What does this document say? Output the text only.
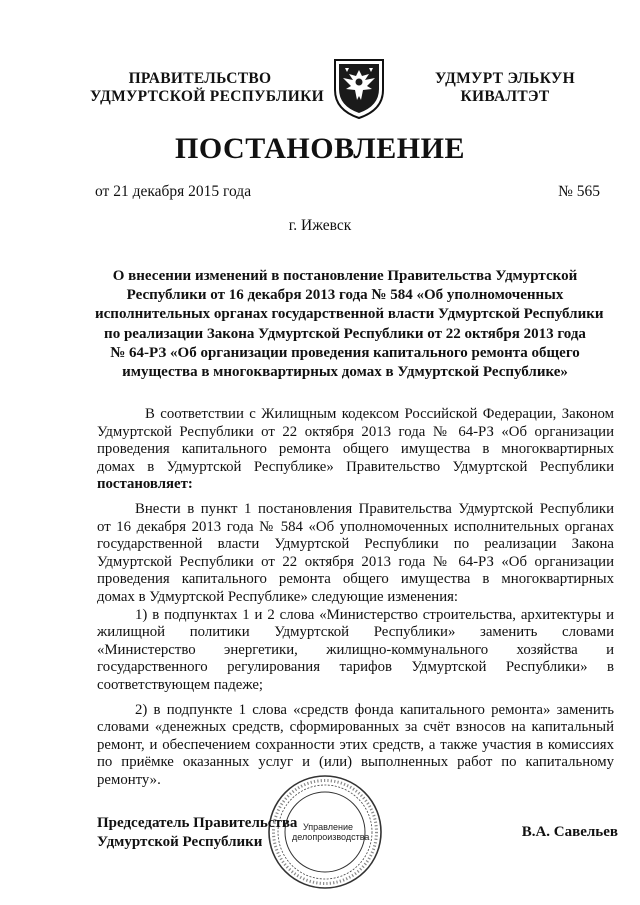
ПРАВИТЕЛЬСТВО
УДМУРТСКОЙ РЕСПУБЛИКИ
УДМУРТ ЭЛЬКУН
КИВАЛТЭТ
ПОСТАНОВЛЕНИЕ
от 21 декабря 2015 года	№ 565
г. Ижевск
О внесении изменений в постановление Правительства Удмуртской
Республики от 16 декабря 2013 года № 584 «Об уполномоченных
исполнительных органах государственной власти Удмуртской Республики
по реализации Закона Удмуртской Республики от 22 октября 2013 года
№ 64-РЗ «Об организации проведения капитального ремонта общего
имущества в многоквартирных домах в Удмуртской Республике»

В соответствии с Жилищным кодексом Российской Федерации, Законом

Удмуртской Республики от 22 октября 2013 года № 64-РЗ «Об организации

проведения капитального ремонта общего имущества в многоквартирных

домах в Удмуртской Республике» Правительство Удмуртской Республики

постановляет:

Внести в пункт 1 постановления Правительства Удмуртской Республики

от 16 декабря 2013 года № 584 «Об уполномоченных исполнительных органах

государственной власти Удмуртской Республики по реализации Закона

Удмуртской Республики от 22 октября 2013 года № 64-РЗ «Об организации

проведения капитального ремонта общего имущества в многоквартирных

домах в Удмуртской Республике» следующие изменения:

1) в подпунктах 1 и 2 слова «Министерство строительства, архитектуры и

жилищной политики Удмуртской Республики» заменить словами

«Министерство энергетики, жилищно-коммунального хозяйства и

государственного регулирования тарифов Удмуртской Республики» в

соответствующем падеже;

2) в подпункте 1 слова «средств фонда капитального ремонта» заменить

словами «денежных средств, сформированных за счёт взносов на капитальный

ремонт, и обеспечением сохранности этих средств, а также участия в комиссиях

по приёмке оказанных услуг и (или) выполненных работ по капитальному

ремонту».

Управление
делопроизводства
Председатель Правительства
Удмуртской Республики
В.А. Савельев
